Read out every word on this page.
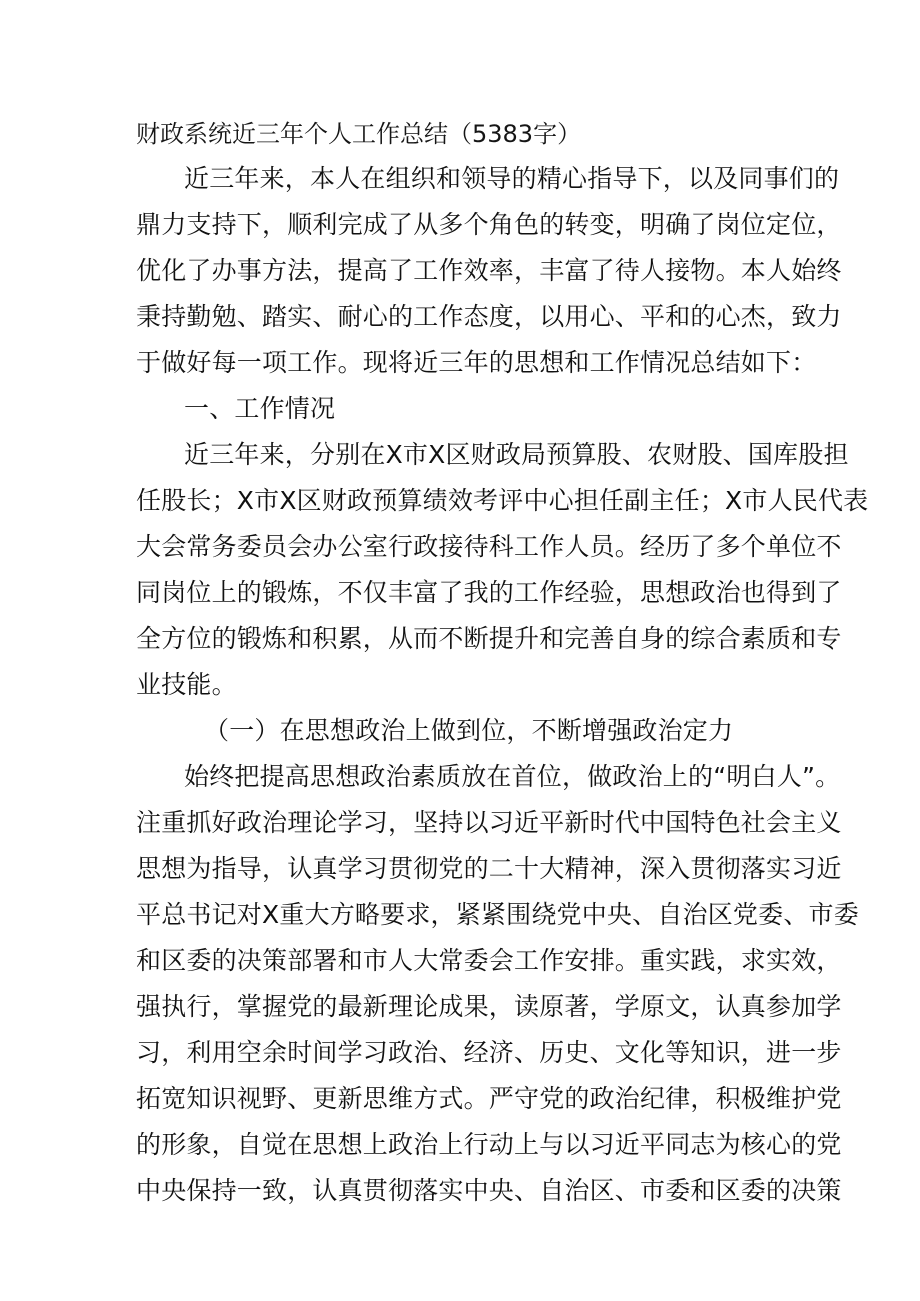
财政系统近三年个人工作总结（5383字）
近三年来，本人在组织和领导的精心指导下，以及同事们的
鼎力支持下，顺利完成了从多个角色的转变，明确了岗位定位，
优化了办事方法，提高了工作效率，丰富了待人接物。本人始终
秉持勤勉、踏实、耐心的工作态度，以用心、平和的心杰，致力
于做好每一项工作。现将近三年的思想和工作情况总结如下：
一、工作情况
近三年来，分别在X市X区财政局预算股、农财股、国库股担
任股长；X市X区财政预算绩效考评中心担任副主任；X市人民代表
大会常务委员会办公室行政接待科工作人员。经历了多个单位不
同岗位上的锻炼，不仅丰富了我的工作经验，思想政治也得到了
全方位的锻炼和积累，从而不断提升和完善自身的综合素质和专
业技能。
（一）在思想政治上做到位，不断增强政治定力
始终把提高思想政治素质放在首位，做政治上的“明白人”。
注重抓好政治理论学习，坚持以习近平新时代中国特色社会主义
思想为指导，认真学习贯彻党的二十大精神，深入贯彻落实习近
平总书记对X重大方略要求，紧紧围绕党中央、自治区党委、市委
和区委的决策部署和市人大常委会工作安排。重实践，求实效，
强执行，掌握党的最新理论成果，读原著，学原文，认真参加学
习，利用空余时间学习政治、经济、历史、文化等知识，进一步
拓宽知识视野、更新思维方式。严守党的政治纪律，积极维护党
的形象，自觉在思想上政治上行动上与以习近平同志为核心的党
中央保持一致，认真贯彻落实中央、自治区、市委和区委的决策
